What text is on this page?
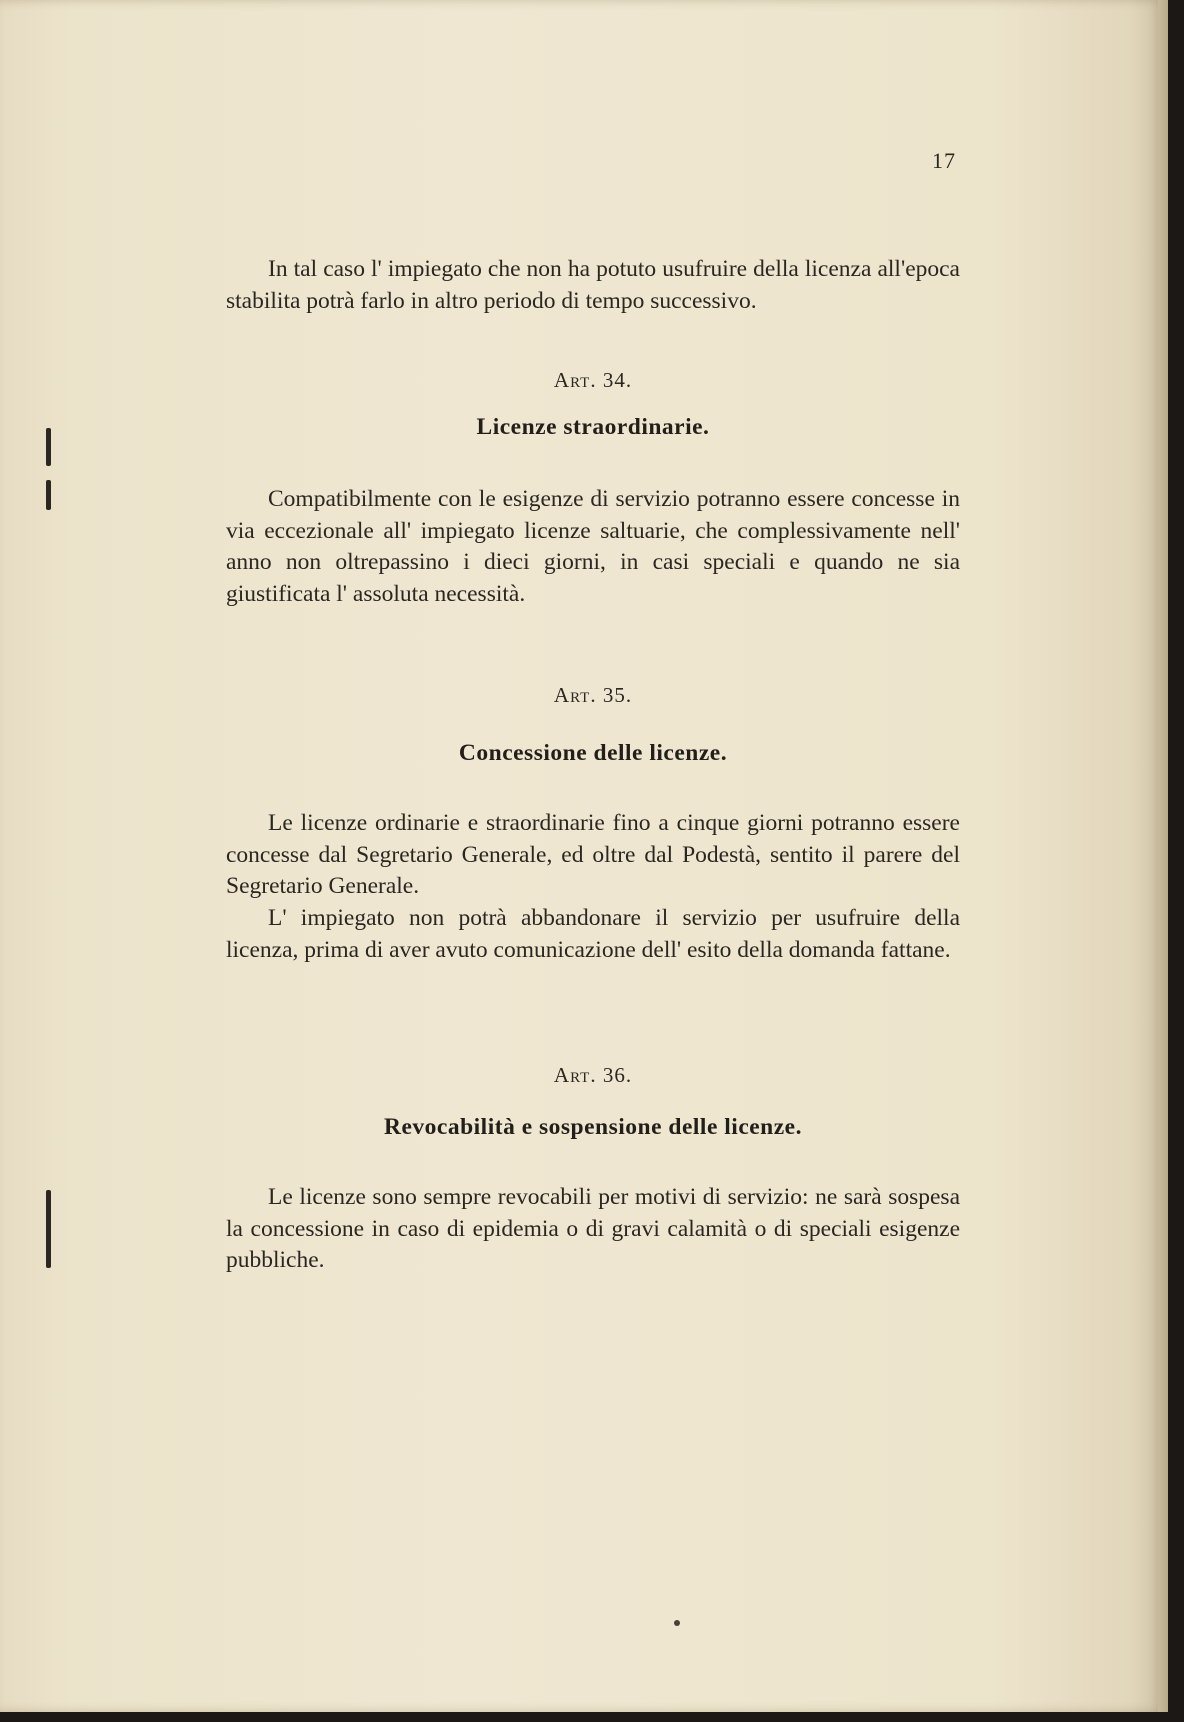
17

In tal caso l' impiegato che non ha potuto usufruire della licenza all'epoca stabilita potrà farlo in altro periodo di tempo successivo.

Art. 34.
Licenze straordinarie.

Compatibilmente con le esigenze di servizio potranno essere concesse in via eccezionale all' impiegato licenze saltuarie, che complessivamente nell' anno non oltrepassino i dieci giorni, in casi speciali e quando ne sia giustificata l' assoluta necessità.

Art. 35.
Concessione delle licenze.

Le licenze ordinarie e straordinarie fino a cinque giorni potranno essere concesse dal Segretario Generale, ed oltre dal Podestà, sentito il parere del Segretario Generale.

L' impiegato non potrà abbandonare il servizio per usufruire della licenza, prima di aver avuto comunicazione dell' esito della domanda fattane.

Art. 36.
Revocabilità e sospensione delle licenze.

Le licenze sono sempre revocabili per motivi di servizio: ne sarà sospesa la concessione in caso di epidemia o di gravi calamità o di speciali esigenze pubbliche.
